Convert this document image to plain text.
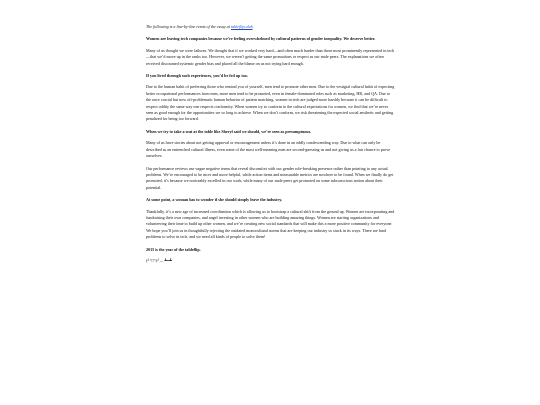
The following is a line-by-line remix of the essay at tableflip.club.

Women are leaving tech companies because we’re feeling overwhelmed by cultural patterns of gender inequality. We deserve better.

Many of us thought we were failures. We thought that if we worked very hard—and often much harder than those most prominently represented in tech—that we’d move up in the ranks too. However, we weren’t getting the same promotions or respect as our male peers. The explanations we often received discounted systemic gender bias and placed all the blame on us not trying hard enough.

If you lived through such experiences, you’d be fed up too.

Due to the human habit of preferring those who remind you of yourself, men tend to promote other men. Due to the vestigial cultural habit of expecting better occupational performances from men, more men tend to be promoted, even in female-dominated roles such as marketing, HR, and QA. Due to the once crucial but now oft-problematic human behavior of pattern matching, women in tech are judged more harshly because it can be difficult to respect oddity the same way one respects conformity. When women try to conform to the cultural expectations for women, we find that we’re never seen as good enough for the opportunities we so long to achieve. When we don’t conform, we risk threatening the expected social aesthetic and getting penalized for being too forward.

When we try to take a seat at the table like Sheryl said we should, we’re seen as presumptuous.

Many of us have stories about not getting approval or encouragement unless it’s done in an oddly condescending way. Due to what can only be described as an entrenched cultural illness, even some of the most well-meaning men are second-guessing us and not giving us a fair chance to prove ourselves.

Our performance reviews use vague negative terms that reveal discomfort with our gender role-breaking presence rather than pointing to any actual problems. We’re encouraged to be nicer and more helpful, while action items and measurable metrics are nowhere to be found. When we finally do get promoted, it’s because we noticeably excelled in our work, while many of our male peers get promoted on some subconscious notion about their potential.

At some point, a woman has to wonder if she should simply leave the industry.

Thankfully, it’s a new age of increased coordination which is allowing us to bootstrap a cultural shift from the ground up. Women are incorporating and fundraising their own companies, and angel investing in other women who are building amazing things. Women are starting organizations and volunteering their time to build up other women, and we’re creating new social standards that will make this a more positive community for everyone. We hope you’ll join us in thoughtfully rejecting the outdated monocultural norms that are keeping our industry so stuck in its ways. There are hard problems to solve in tech, and we need all kinds of people to solve them!

2015 is the year of the tableflip.

(╯°□°)╯︵ ┻━┻
